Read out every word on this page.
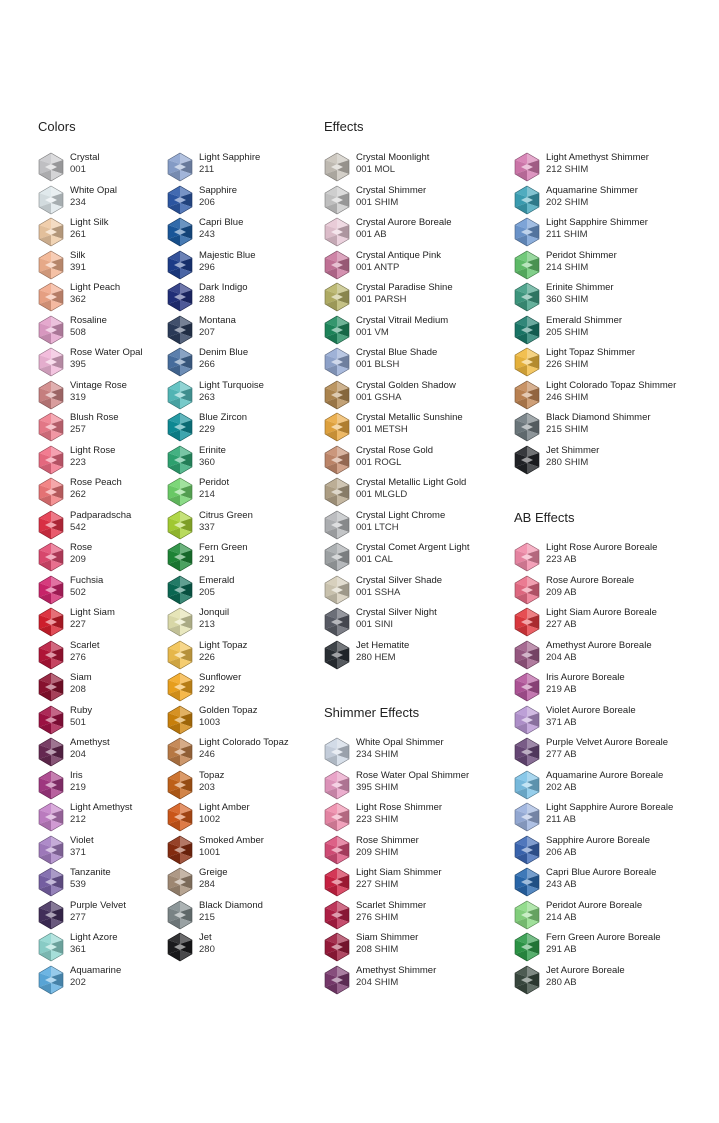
Colors	Effects
Shimmer Effects
AB Effects
Crystal
001
White Opal
234
Light Silk
261
Silk
391
Light Peach
362
Rosaline
508
Rose Water Opal
395
Vintage Rose
319
Blush Rose
257
Light Rose
223
Rose Peach
262
Padparadscha
542
Rose
209
Fuchsia
502
Light Siam
227
Scarlet
276
Siam
208
Ruby
501
Amethyst
204
Iris
219
Light Amethyst
212
Violet
371
Tanzanite
539
Purple Velvet
277
Light Azore
361
Aquamarine
202
Light Sapphire
211
Sapphire
206
Capri Blue
243
Majestic Blue
296
Dark Indigo
288
Montana
207
Denim Blue
266
Light Turquoise
263
Blue Zircon
229
Erinite
360
Peridot
214
Citrus Green
337
Fern Green
291
Emerald
205
Jonquil
213
Light Topaz
226
Sunflower
292
Golden Topaz
1003
Light Colorado Topaz
246
Topaz
203
Light Amber
1002
Smoked Amber
1001
Greige
284
Black Diamond
215
Jet
280
Crystal Moonlight
001 MOL
Crystal Shimmer
001 SHIM
Crystal Aurore Boreale
001 AB
Crystal Antique Pink
001 ANTP
Crystal Paradise Shine
001 PARSH
Crystal Vitrail Medium
001 VM
Crystal Blue Shade
001 BLSH
Crystal Golden Shadow
001 GSHA
Crystal Metallic Sunshine
001 METSH
Crystal Rose Gold
001 ROGL
Crystal Metallic Light Gold
001 MLGLD
Crystal Light Chrome
001 LTCH
Crystal Comet Argent Light
001 CAL
Crystal Silver Shade
001 SSHA
Crystal Silver Night
001 SINI
Jet Hematite
280 HEM
Light Amethyst Shimmer
212 SHIM
Aquamarine Shimmer
202 SHIM
Light Sapphire Shimmer
211 SHIM
Peridot Shimmer
214 SHIM
Erinite Shimmer
360 SHIM
Emerald Shimmer
205 SHIM
Light Topaz Shimmer
226 SHIM
Light Colorado Topaz Shimmer
246 SHIM
Black Diamond Shimmer
215 SHIM
Jet Shimmer
280 SHIM
White Opal Shimmer
234 SHIM
Rose Water Opal Shimmer
395 SHIM
Light Rose Shimmer
223 SHIM
Rose Shimmer
209 SHIM
Light Siam Shimmer
227 SHIM
Scarlet Shimmer
276 SHIM
Siam Shimmer
208 SHIM
Amethyst Shimmer
204 SHIM
Light Rose Aurore Boreale
223 AB
Rose Aurore Boreale
209 AB
Light Siam Aurore Boreale
227 AB
Amethyst Aurore Boreale
204 AB
Iris Aurore Boreale
219 AB
Violet Aurore Boreale
371 AB
Purple Velvet Aurore Boreale
277 AB
Aquamarine Aurore Boreale
202 AB
Light Sapphire Aurore Boreale
211 AB
Sapphire Aurore Boreale
206 AB
Capri Blue Aurore Boreale
243 AB
Peridot Aurore Boreale
214 AB
Fern Green Aurore Boreale
291 AB
Jet Aurore Boreale
280 AB
